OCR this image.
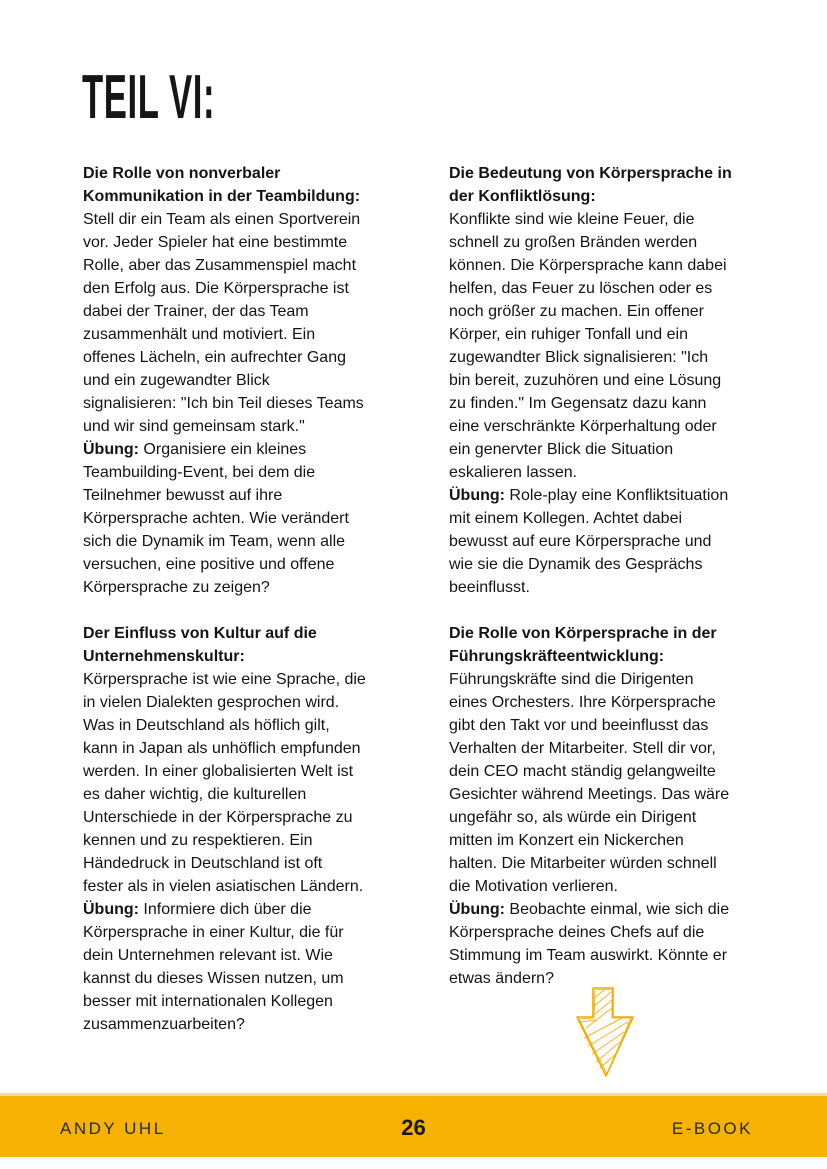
TEIL VI:
Die Rolle von nonverbaler
Kommunikation in der Teambildung:
Stell dir ein Team als einen Sportverein
vor. Jeder Spieler hat eine bestimmte
Rolle, aber das Zusammenspiel macht
den Erfolg aus. Die Körpersprache ist
dabei der Trainer, der das Team
zusammenhält und motiviert. Ein
offenes Lächeln, ein aufrechter Gang
und ein zugewandter Blick
signalisieren: "Ich bin Teil dieses Teams
und wir sind gemeinsam stark."
Übung: Organisiere ein kleines
Teambuilding-Event, bei dem die
Teilnehmer bewusst auf ihre
Körpersprache achten. Wie verändert
sich die Dynamik im Team, wenn alle
versuchen, eine positive und offene
Körpersprache zu zeigen?
Der Einfluss von Kultur auf die
Unternehmenskultur:
Körpersprache ist wie eine Sprache, die
in vielen Dialekten gesprochen wird.
Was in Deutschland als höflich gilt,
kann in Japan als unhöflich empfunden
werden. In einer globalisierten Welt ist
es daher wichtig, die kulturellen
Unterschiede in der Körpersprache zu
kennen und zu respektieren. Ein
Händedruck in Deutschland ist oft
fester als in vielen asiatischen Ländern.
Übung: Informiere dich über die
Körpersprache in einer Kultur, die für
dein Unternehmen relevant ist. Wie
kannst du dieses Wissen nutzen, um
besser mit internationalen Kollegen
zusammenzuarbeiten?
Die Bedeutung von Körpersprache in
der Konfliktlösung:
Konflikte sind wie kleine Feuer, die
schnell zu großen Bränden werden
können. Die Körpersprache kann dabei
helfen, das Feuer zu löschen oder es
noch größer zu machen. Ein offener
Körper, ein ruhiger Tonfall und ein
zugewandter Blick signalisieren: "Ich
bin bereit, zuzuhören und eine Lösung
zu finden." Im Gegensatz dazu kann
eine verschränkte Körperhaltung oder
ein genervter Blick die Situation
eskalieren lassen.
Übung: Role-play eine Konfliktsituation
mit einem Kollegen. Achtet dabei
bewusst auf eure Körpersprache und
wie sie die Dynamik des Gesprächs
beeinflusst.
Die Rolle von Körpersprache in der
Führungskräfteentwicklung:
Führungskräfte sind die Dirigenten
eines Orchesters. Ihre Körpersprache
gibt den Takt vor und beeinflusst das
Verhalten der Mitarbeiter. Stell dir vor,
dein CEO macht ständig gelangweilte
Gesichter während Meetings. Das wäre
ungefähr so, als würde ein Dirigent
mitten im Konzert ein Nickerchen
halten. Die Mitarbeiter würden schnell
die Motivation verlieren.
Übung: Beobachte einmal, wie sich die
Körpersprache deines Chefs auf die
Stimmung im Team auswirkt. Könnte er
etwas ändern?
ANDY UHL	26	E-BOOK
